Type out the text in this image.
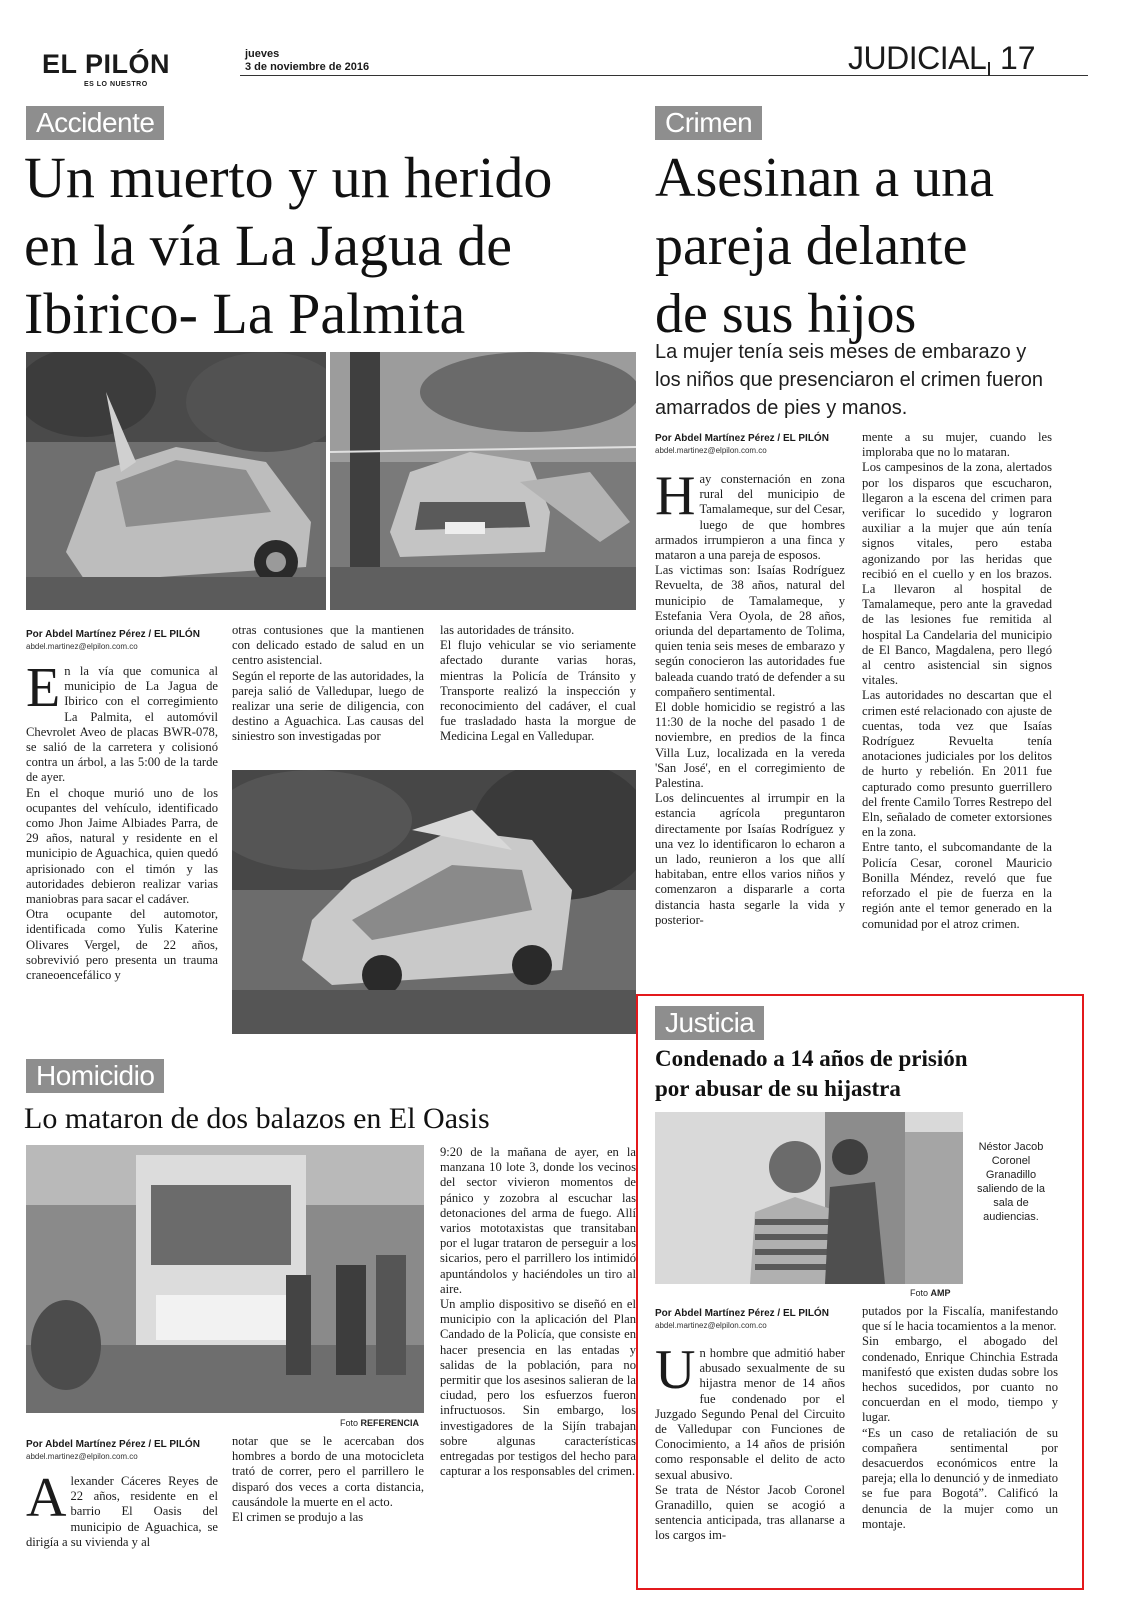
EL PILÓN
ES LO NUESTRO
jueves
3 de noviembre de 2016	JUDICIAL 17
Accidente
Un muerto y un herido
en la vía La Jagua de
Ibirico- La Palmita
Por Abdel Martínez Pérez / EL PILÓN
abdel.martinez@elpilon.com.co

En la vía que comunica al municipio de La Jagua de Ibirico con el corregimiento La Palmita, el automóvil Chevrolet Aveo de placas BWR-078, se salió de la carretera y colisionó contra un árbol, a las 5:00 de la tarde de ayer.

En el choque murió uno de los ocupantes del vehículo, identificado como Jhon Jaime Albiades Parra, de 29 años, natural y residente en el municipio de Aguachica, quien quedó aprisionado con el timón y las autoridades debieron realizar varias maniobras para sacar el cadáver.

Otra ocupante del automotor, identificada como Yulis Katerine Olivares Vergel, de 22 años, sobrevivió pero presenta un trauma craneoencefálico y

otras contusiones que la mantienen con delicado estado de salud en un centro asistencial.

Según el reporte de las autoridades, la pareja salió de Valledupar, luego de realizar una serie de diligencia, con destino a Aguachica. Las causas del siniestro son investigadas por

las autoridades de tránsito.

El flujo vehicular se vio seriamente afectado durante varias horas, mientras la Policía de Tránsito y Transporte realizó la inspección y reconocimiento del cadáver, el cual fue trasladado hasta la morgue de Medicina Legal en Valledupar.

Crimen
Asesinan a una
pareja delante
de sus hijos
La mujer tenía seis meses de embarazo y
los niños que presenciaron el crimen fueron
amarrados de pies y manos.
Por Abdel Martínez Pérez / EL PILÓN
abdel.martinez@elpilon.com.co

Hay consternación en zona rural del municipio de Tamalameque, sur del Cesar, luego de que hombres armados irrumpieron a una finca y mataron a una pareja de esposos.

Las victimas son: Isaías Rodríguez Revuelta, de 38 años, natural del municipio de Tamalameque, y Estefania Vera Oyola, de 28 años, oriunda del departamento de Tolima, quien tenia seis meses de embarazo y según conocieron las autoridades fue baleada cuando trató de defender a su compañero sentimental.

El doble homicidio se registró a las 11:30 de la noche del pasado 1 de noviembre, en predios de la finca Villa Luz, localizada en la vereda 'San José', en el corregimiento de Palestina.

Los delincuentes al irrumpir en la estancia agrícola preguntaron directamente por Isaías Rodríguez y una vez lo identificaron lo echaron a un lado, reunieron a los que allí habitaban, entre ellos varios niños y comenzaron a dispararle a corta distancia hasta segarle la vida y posterior-

mente a su mujer, cuando les imploraba que no lo mataran.

Los campesinos de la zona, alertados por los disparos que escucharon, llegaron a la escena del crimen para verificar lo sucedido y lograron auxiliar a la mujer que aún tenía signos vitales, pero estaba agonizando por las heridas que recibió en el cuello y en los brazos. La llevaron al hospital de Tamalameque, pero ante la gravedad de las lesiones fue remitida al hospital La Candelaria del municipio de El Banco, Magdalena, pero llegó al centro asistencial sin signos vitales.

Las autoridades no descartan que el crimen esté relacionado con ajuste de cuentas, toda vez que Isaías Rodríguez Revuelta tenía anotaciones judiciales por los delitos de hurto y rebelión. En 2011 fue capturado como presunto guerrillero del frente Camilo Torres Restrepo del Eln, señalado de cometer extorsiones en la zona.

Entre tanto, el subcomandante de la Policía Cesar, coronel Mauricio Bonilla Méndez, reveló que fue reforzado el pie de fuerza en la región ante el temor generado en la comunidad por el atroz crimen.

Homicidio
Lo mataron de dos balazos en El Oasis
Foto REFERENCIA
Por Abdel Martínez Pérez / EL PILÓN
abdel.martinez@elpilon.com.co

Alexander Cáceres Reyes de 22 años, residente en el barrio El Oasis del municipio de Aguachica, se dirigía a su vivienda y al

notar que se le acercaban dos hombres a bordo de una motocicleta trató de correr, pero el parrillero le disparó dos veces a corta distancia, causándole la muerte en el acto.

El crimen se produjo a las

9:20 de la mañana de ayer, en la manzana 10 lote 3, donde los vecinos del sector vivieron momentos de pánico y zozobra al escuchar las detonaciones del arma de fuego. Allí varios mototaxistas que transitaban por el lugar trataron de perseguir a los sicarios, pero el parrillero los intimidó apuntándolos y haciéndoles un tiro al aire.

Un amplio dispositivo se diseñó en el municipio con la aplicación del Plan Candado de la Policía, que consiste en hacer presencia en las entadas y salidas de la población, para no permitir que los asesinos salieran de la ciudad, pero los esfuerzos fueron infructuosos. Sin embargo, los investigadores de la Sijín trabajan sobre algunas características entregadas por testigos del hecho para capturar a los responsables del crimen.

Justicia
Condenado a 14 años de prisión
por abusar de su hijastra
Néstor Jacob Coronel Granadillo saliendo de la sala de audiencias.
Foto AMP
Por Abdel Martínez Pérez / EL PILÓN
abdel.martinez@elpilon.com.co

Un hombre que admitió haber abusado sexualmente de su hijastra menor de 14 años fue condenado por el Juzgado Segundo Penal del Circuito de Valledupar con Funciones de Conocimiento, a 14 años de prisión como responsable el delito de acto sexual abusivo.

Se trata de Néstor Jacob Coronel Granadillo, quien se acogió a sentencia anticipada, tras allanarse a los cargos im-

putados por la Fiscalía, manifestando que sí le hacia tocamientos a la menor.

Sin embargo, el abogado del condenado, Enrique Chinchia Estrada manifestó que existen dudas sobre los hechos sucedidos, por cuanto no concuerdan en el modo, tiempo y lugar.

“Es un caso de retaliación de su compañera sentimental por desacuerdos económicos entre la pareja; ella lo denunció y de inmediato se fue para Bogotá”. Calificó la denuncia de la mujer como un montaje.
